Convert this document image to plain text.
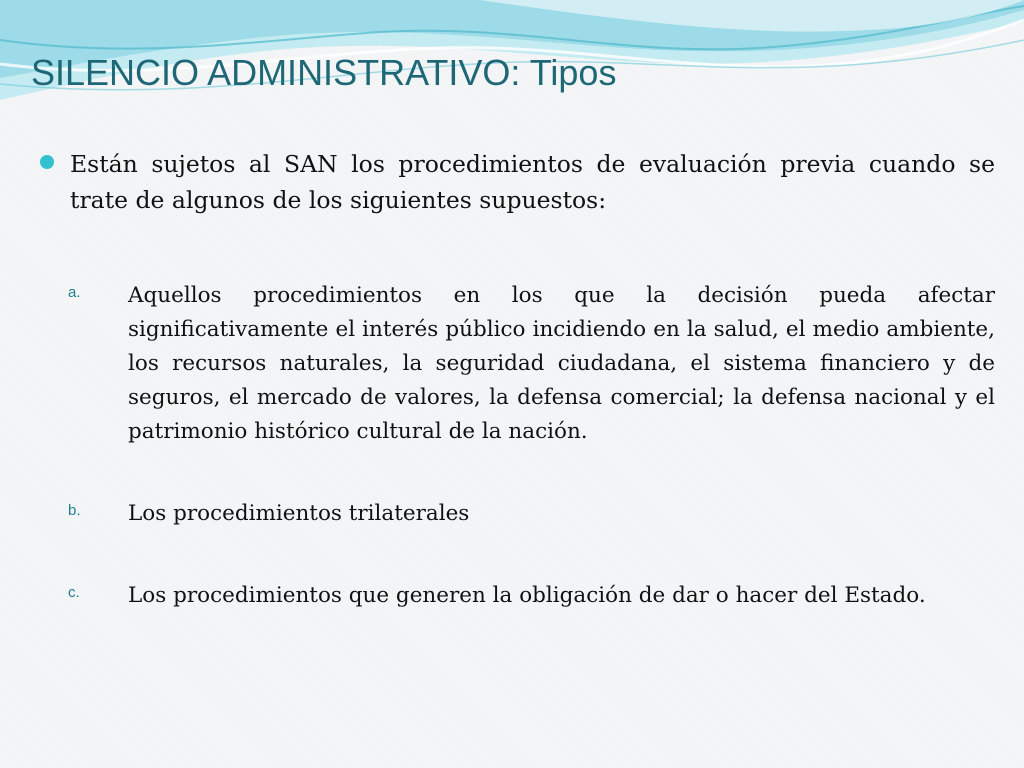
SILENCIO ADMINISTRATIVO: Tipos
Están sujetos al SAN los procedimientos de evaluación previa cuando se trate de algunos de los siguientes supuestos:
a. Aquellos procedimientos en los que la decisión pueda afectar significativamente el interés público incidiendo en la salud, el medio ambiente, los recursos naturales, la seguridad ciudadana, el sistema financiero y de seguros, el mercado de valores, la defensa comercial; la defensa nacional y el patrimonio histórico cultural de la nación.
b. Los procedimientos trilaterales
c. Los procedimientos que generen la obligación de dar o hacer del Estado.
